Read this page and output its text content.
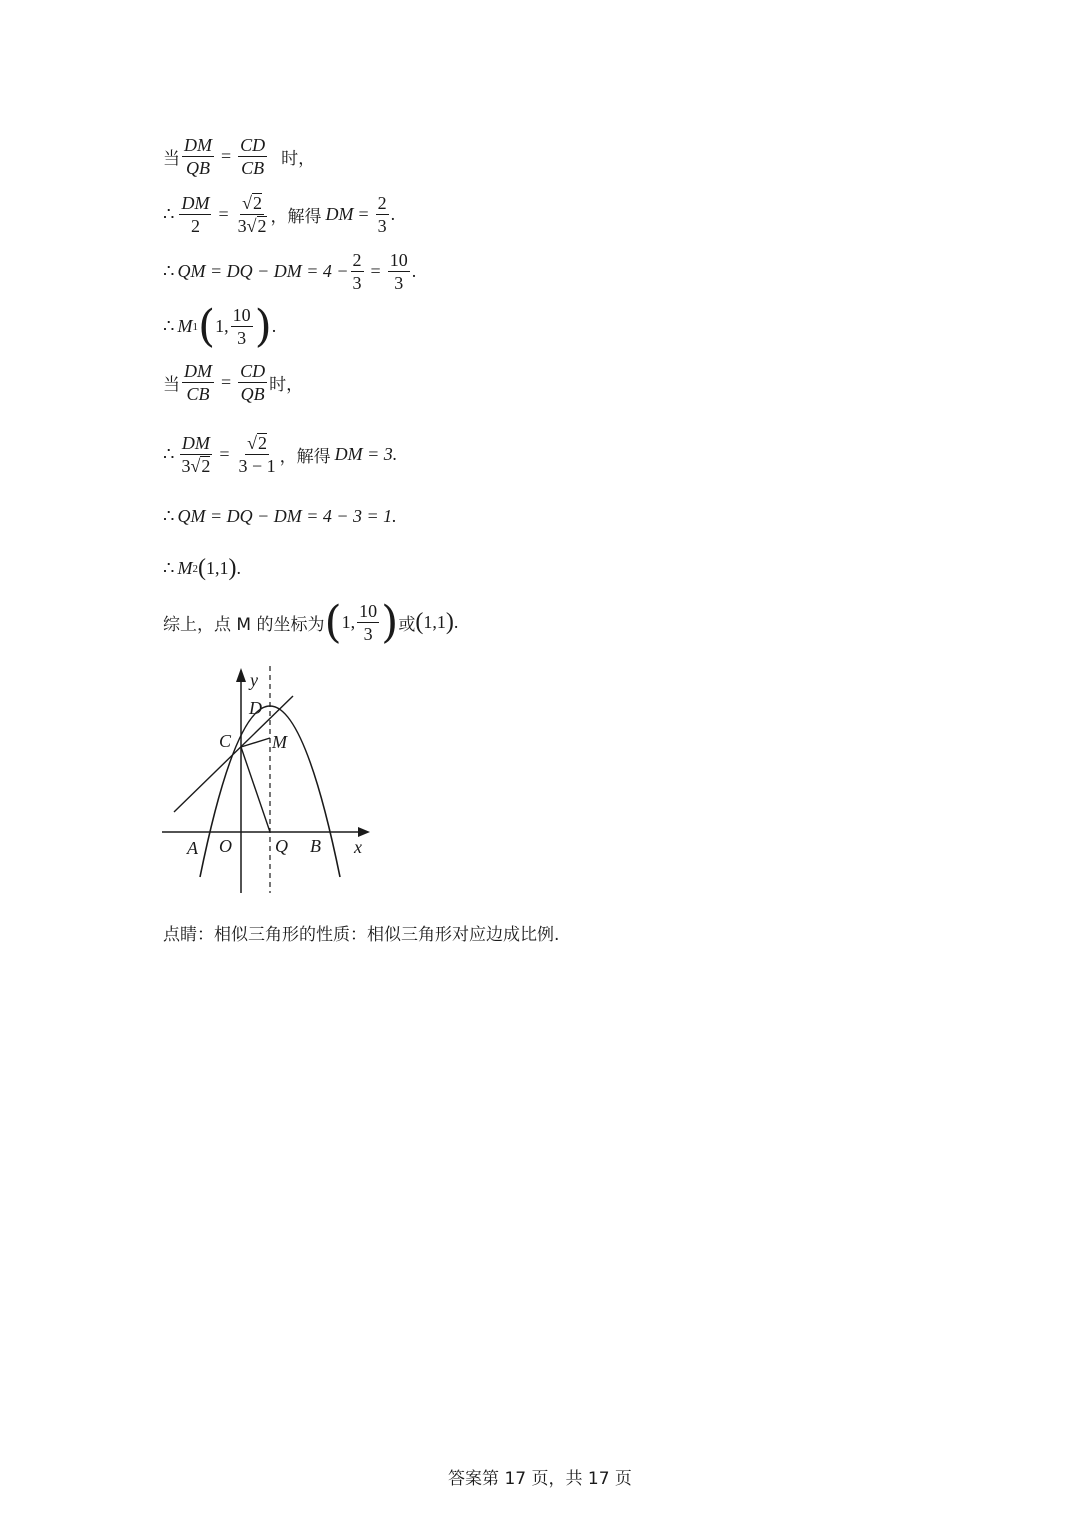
当 $\frac{DM}{QB} = \frac{CD}{CB}$ 时，
∴ $\frac{DM}{2} = \frac{√2}{3√2}$ ，解得 DM = $\frac{2}{3}$ .
∴ QM = DQ − DM = $4 - \frac{2}{3} = \frac{10}{3}$ .
∴ M 1 ( 1, $\frac{10}{3}$ ) .
当 $\frac{DM}{CB} = \frac{CD}{QB}$ 时，
∴ $\frac{DM}{3√2} = \frac{√2}{3 - 1}$ ，解得 DM = 3.
∴ QM = DQ − DM = 4 − 3 = 1.
∴ M 2 ( 1,1 ) .
综上，点 M 的坐标为 ( 1, $\frac{10}{3}$ ) 或 ( 1,1 ) .
y
D
C M
A O Q B x
点睛：相似三角形的性质：相似三角形对应边成比例.
答案第 17 页，共 17 页
